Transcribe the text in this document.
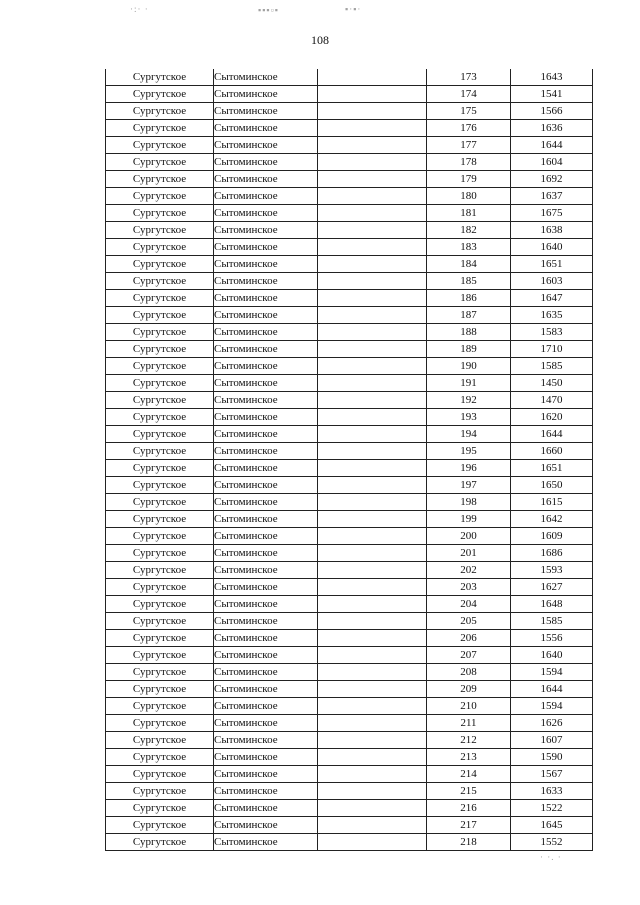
·:· ·	▪▪▪▫▪	▪·▪·
· ·. ·
108
Сургутское	Сытоминское		173	1643
Сургутское	Сытоминское		174	1541
Сургутское	Сытоминское		175	1566
Сургутское	Сытоминское		176	1636
Сургутское	Сытоминское		177	1644
Сургутское	Сытоминское		178	1604
Сургутское	Сытоминское		179	1692
Сургутское	Сытоминское		180	1637
Сургутское	Сытоминское		181	1675
Сургутское	Сытоминское		182	1638
Сургутское	Сытоминское		183	1640
Сургутское	Сытоминское		184	1651
Сургутское	Сытоминское		185	1603
Сургутское	Сытоминское		186	1647
Сургутское	Сытоминское		187	1635
Сургутское	Сытоминское		188	1583
Сургутское	Сытоминское		189	1710
Сургутское	Сытоминское		190	1585
Сургутское	Сытоминское		191	1450
Сургутское	Сытоминское		192	1470
Сургутское	Сытоминское		193	1620
Сургутское	Сытоминское		194	1644
Сургутское	Сытоминское		195	1660
Сургутское	Сытоминское		196	1651
Сургутское	Сытоминское		197	1650
Сургутское	Сытоминское		198	1615
Сургутское	Сытоминское		199	1642
Сургутское	Сытоминское		200	1609
Сургутское	Сытоминское		201	1686
Сургутское	Сытоминское		202	1593
Сургутское	Сытоминское		203	1627
Сургутское	Сытоминское		204	1648
Сургутское	Сытоминское		205	1585
Сургутское	Сытоминское		206	1556
Сургутское	Сытоминское		207	1640
Сургутское	Сытоминское		208	1594
Сургутское	Сытоминское		209	1644
Сургутское	Сытоминское		210	1594
Сургутское	Сытоминское		211	1626
Сургутское	Сытоминское		212	1607
Сургутское	Сытоминское		213	1590
Сургутское	Сытоминское		214	1567
Сургутское	Сытоминское		215	1633
Сургутское	Сытоминское		216	1522
Сургутское	Сытоминское		217	1645
Сургутское	Сытоминское		218	1552
